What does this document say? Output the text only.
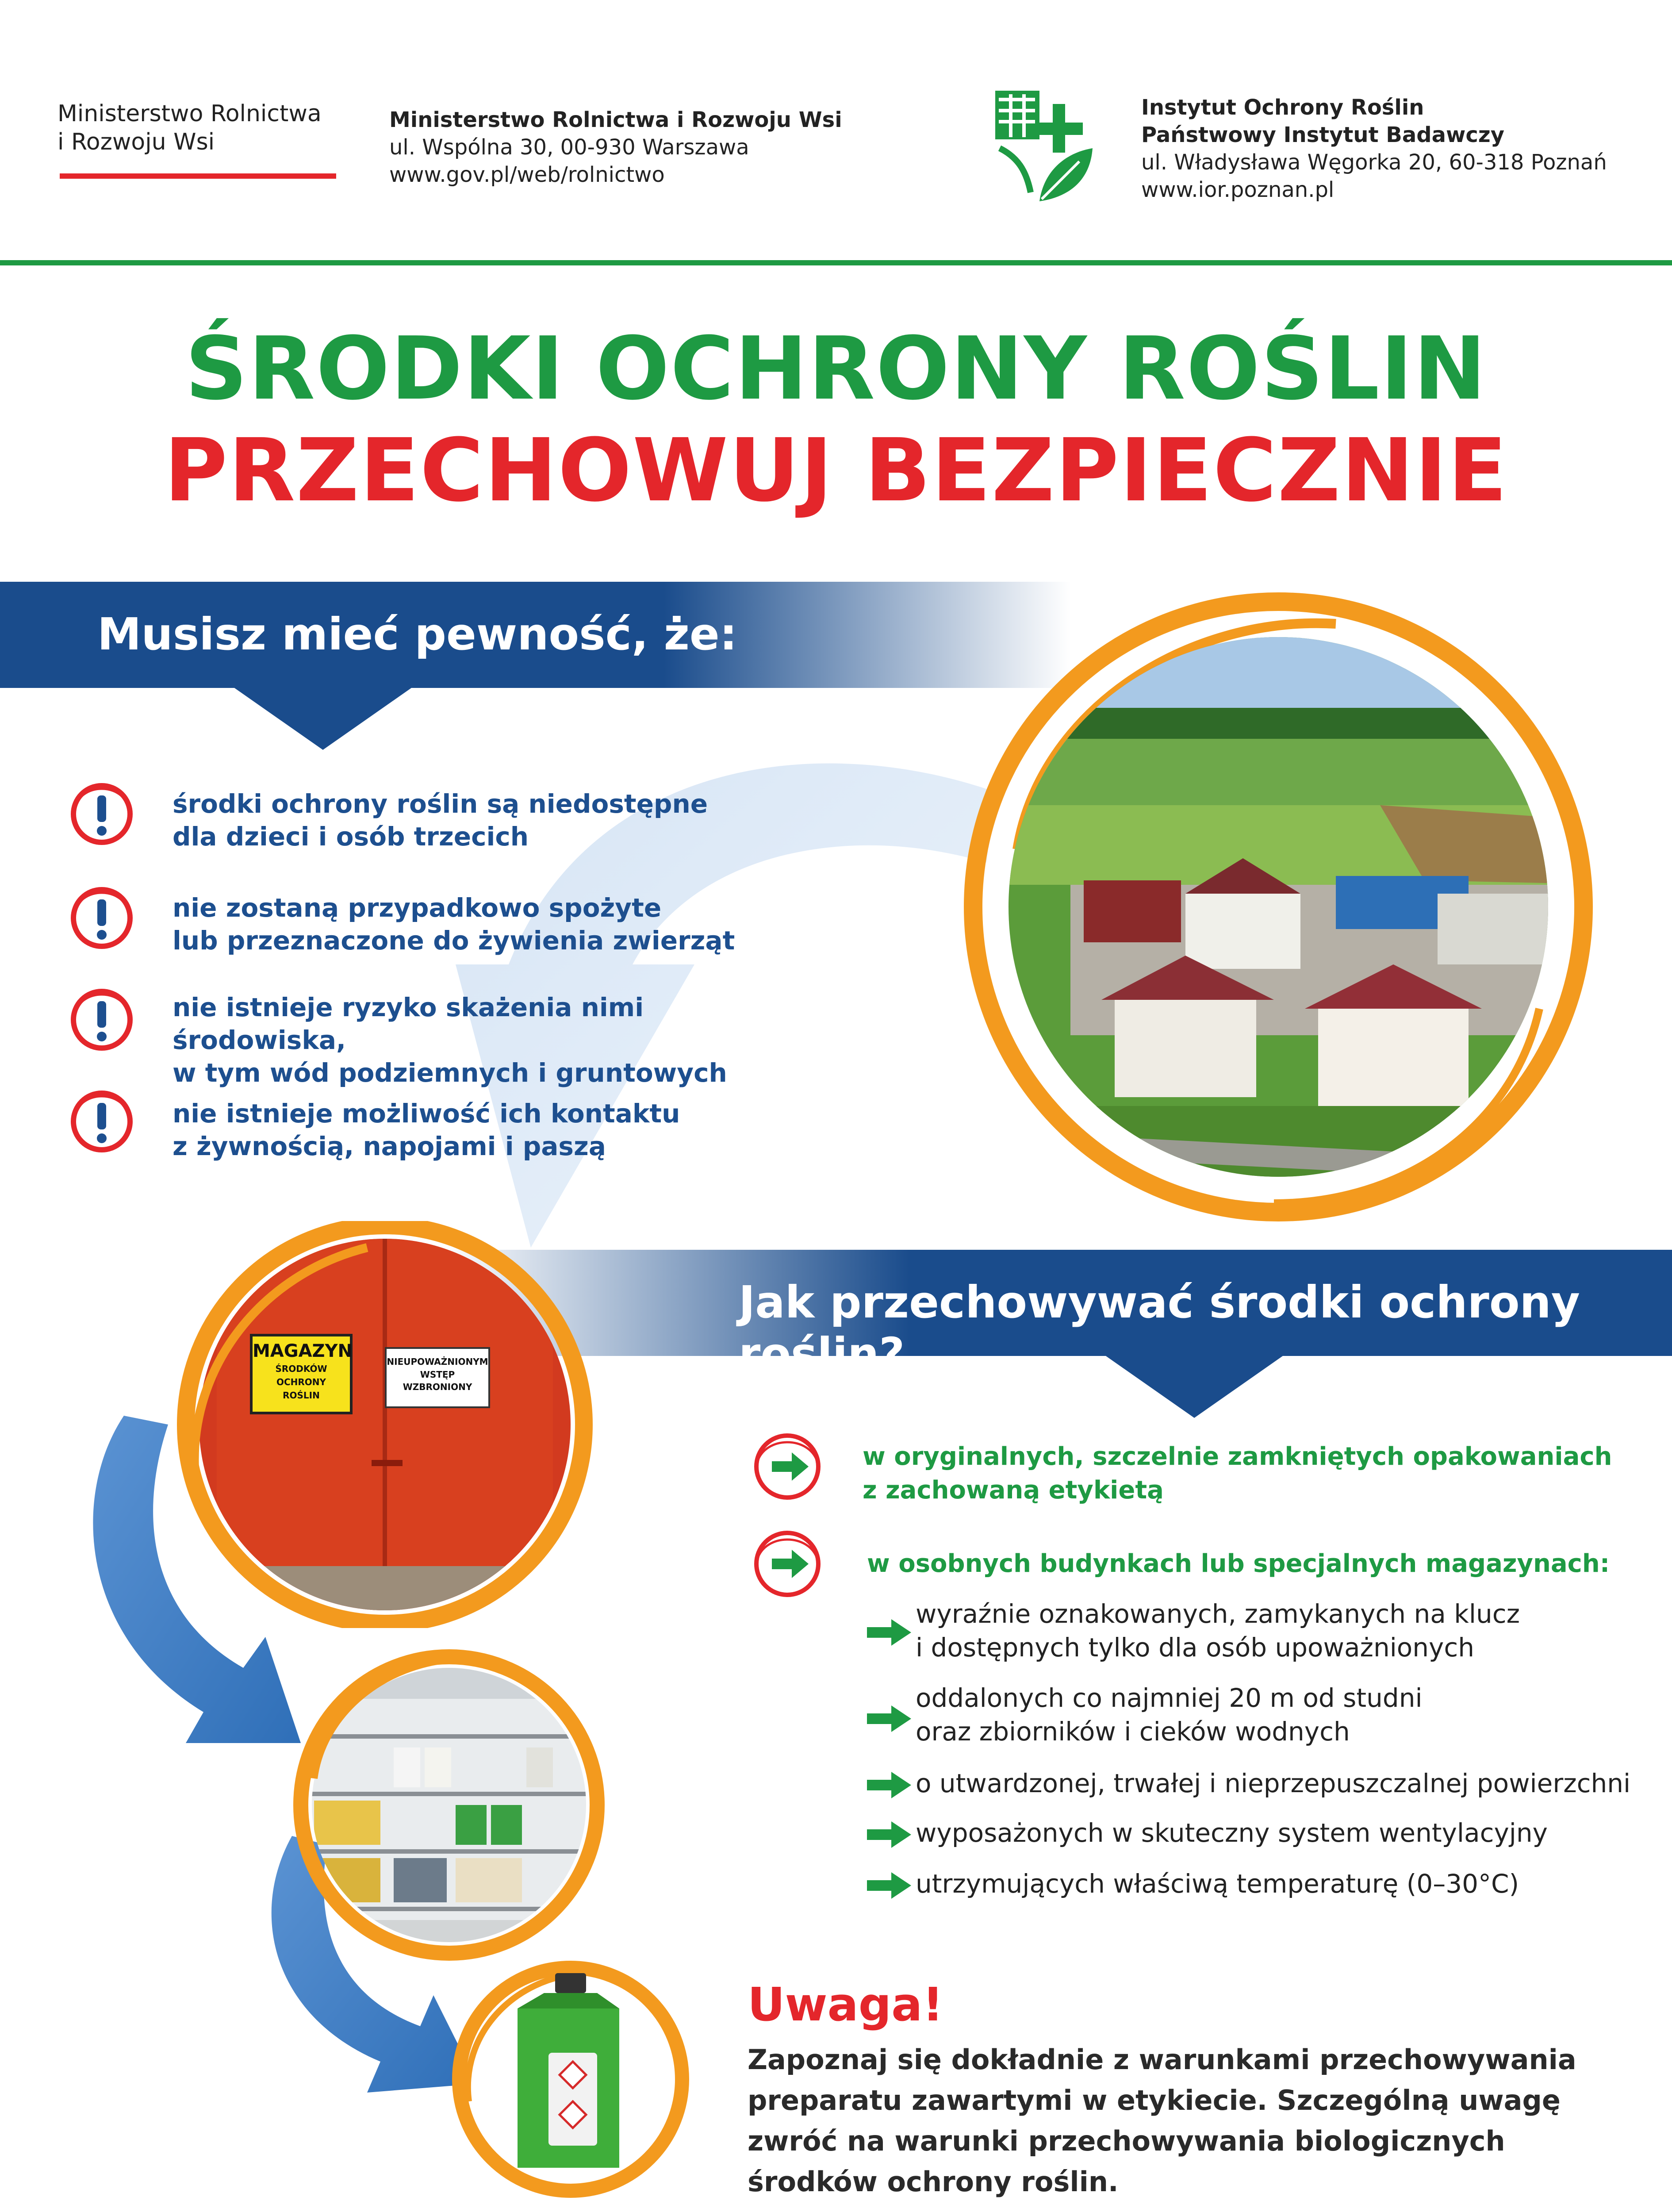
Ministerstwo Rolnictwa
i Rozwoju Wsi
Ministerstwo Rolnictwa i Rozwoju Wsi
ul. Wspólna 30, 00-930 Warszawa
www.gov.pl/web/rolnictwo
Instytut Ochrony Roślin
Państwowy Instytut Badawczy
ul. Władysława Węgorka 20, 60-318 Poznań
www.ior.poznan.pl
ŚRODKI OCHRONY ROŚLIN
PRZECHOWUJ BEZPIECZNIE
Musisz mieć pewność, że:
środki ochrony roślin są niedostępne
dla dzieci i osób trzecich
nie zostaną przypadkowo spożyte
lub przeznaczone do żywienia zwierząt
nie istnieje ryzyko skażenia nimi środowiska,
w tym wód podziemnych i gruntowych
nie istnieje możliwość ich kontaktu
z żywnością, napojami i paszą
Jak przechowywać środki ochrony roślin?
MAGAZYN
ŚRODKÓW OCHRONY
ROŚLIN
NIEUPOWAŻNIONYM
WSTĘP
WZBRONIONY
w oryginalnych, szczelnie zamkniętych opakowaniach
z zachowaną etykietą
w osobnych budynkach lub specjalnych magazynach:
wyraźnie oznakowanych, zamykanych na klucz
i dostępnych tylko dla osób upoważnionych
oddalonych co najmniej 20 m od studni
oraz zbiorników i cieków wodnych
o utwardzonej, trwałej i nieprzepuszczalnej powierzchni
wyposażonych w skuteczny system wentylacyjny
utrzymujących właściwą temperaturę (0–30°C)
Uwaga!
Zapoznaj się dokładnie z warunkami przechowywania preparatu zawartymi w etykiecie. Szczególną uwagę zwróć na warunki przechowywania biologicznych środków ochrony roślin.
